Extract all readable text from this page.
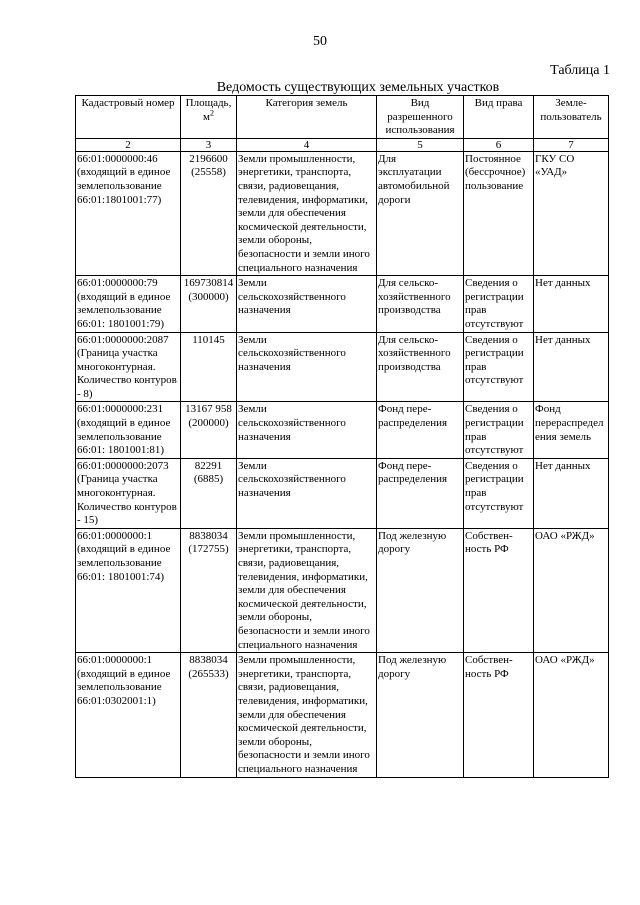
50
Таблица 1
Ведомость существующих земельных участков
Кадастровый номер	Площадь, $м^2$	Категория земель	Вид разрешенного использования	Вид права	Земле-пользователь
2	3	4	5	6	7
66:01:0000000:46 (входящий в единое землепользование 66:01:1801001:77)	2196600 (25558)	Земли промышленности, энергетики, транспорта, связи, радиовещания, телевидения, информатики, земли для обеспечения космической деятельности, земли обороны, безопасности и земли иного специального назначения	Для эксплуатации автомобильной дороги	Постоянное (бессрочное) пользование	ГКУ СО «УАД»
66:01:0000000:79 (входящий в единое землепользование 66:01: 1801001:79)	169730814 (300000)	Земли сельскохозяйственного назначения	Для сельско-хозяйственного производства	Сведения о регистрации прав отсутствуют	Нет данных
66:01:0000000:2087 (Граница участка многоконтурная. Количество контуров - 8)	110145	Земли сельскохозяйственного назначения	Для сельско-хозяйственного производства	Сведения о регистрации прав отсутствуют	Нет данных
66:01:0000000:231 (входящий в единое землепользование 66:01: 1801001:81)	13167 958 (200000)	Земли сельскохозяйственного назначения	Фонд пере-распределения	Сведения о регистрации прав отсутствуют	Фонд перераспределения земель
66:01:0000000:2073 (Граница участка многоконтурная. Количество контуров - 15)	82291 (6885)	Земли сельскохозяйственного назначения	Фонд пере-распределения	Сведения о регистрации прав отсутствуют	Нет данных
66:01:0000000:1 (входящий в единое землепользование 66:01: 1801001:74)	8838034 (172755)	Земли промышленности, энергетики, транспорта, связи, радиовещания, телевидения, информатики, земли для обеспечения космической деятельности, земли обороны, безопасности и земли иного специального назначения	Под железную дорогу	Собствен-ность РФ	ОАО «РЖД»
66:01:0000000:1 (входящий в единое землепользование 66:01:0302001:1)	8838034 (265533)	Земли промышленности, энергетики, транспорта, связи, радиовещания, телевидения, информатики, земли для обеспечения космической деятельности, земли обороны, безопасности и земли иного специального назначения	Под железную дорогу	Собствен-ность РФ	ОАО «РЖД»
